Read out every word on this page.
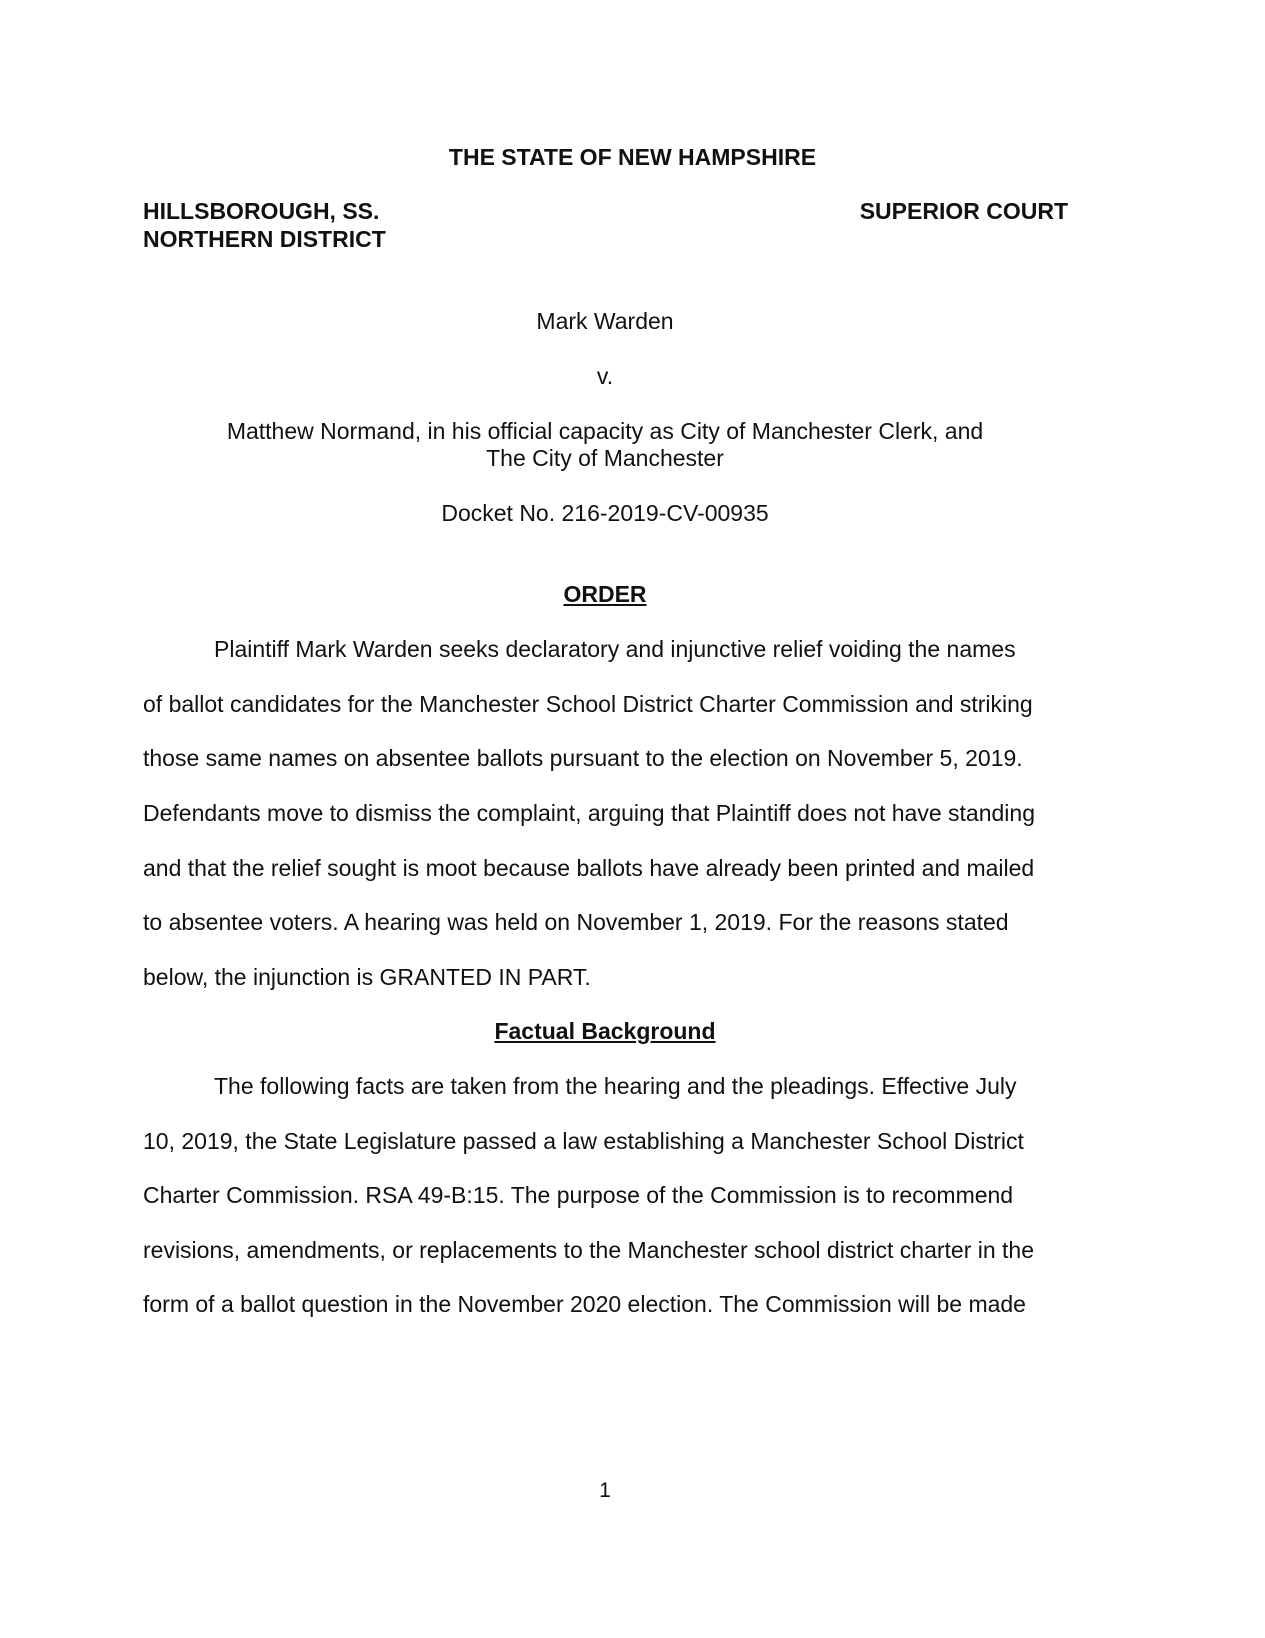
THE STATE OF NEW HAMPSHIRE
HILLSBOROUGH, SS.
NORTHERN DISTRICT
SUPERIOR COURT
Mark Warden
v.
Matthew Normand, in his official capacity as City of Manchester Clerk, and
The City of Manchester
Docket No. 216-2019-CV-00935
ORDER
Plaintiff Mark Warden seeks declaratory and injunctive relief voiding the names
of ballot candidates for the Manchester School District Charter Commission and striking
those same names on absentee ballots pursuant to the election on November 5, 2019.
Defendants move to dismiss the complaint, arguing that Plaintiff does not have standing
and that the relief sought is moot because ballots have already been printed and mailed
to absentee voters. A hearing was held on November 1, 2019. For the reasons stated
below, the injunction is GRANTED IN PART.
Factual Background
The following facts are taken from the hearing and the pleadings. Effective July
10, 2019, the State Legislature passed a law establishing a Manchester School District
Charter Commission. RSA 49-B:15. The purpose of the Commission is to recommend
revisions, amendments, or replacements to the Manchester school district charter in the
form of a ballot question in the November 2020 election. The Commission will be made
1
